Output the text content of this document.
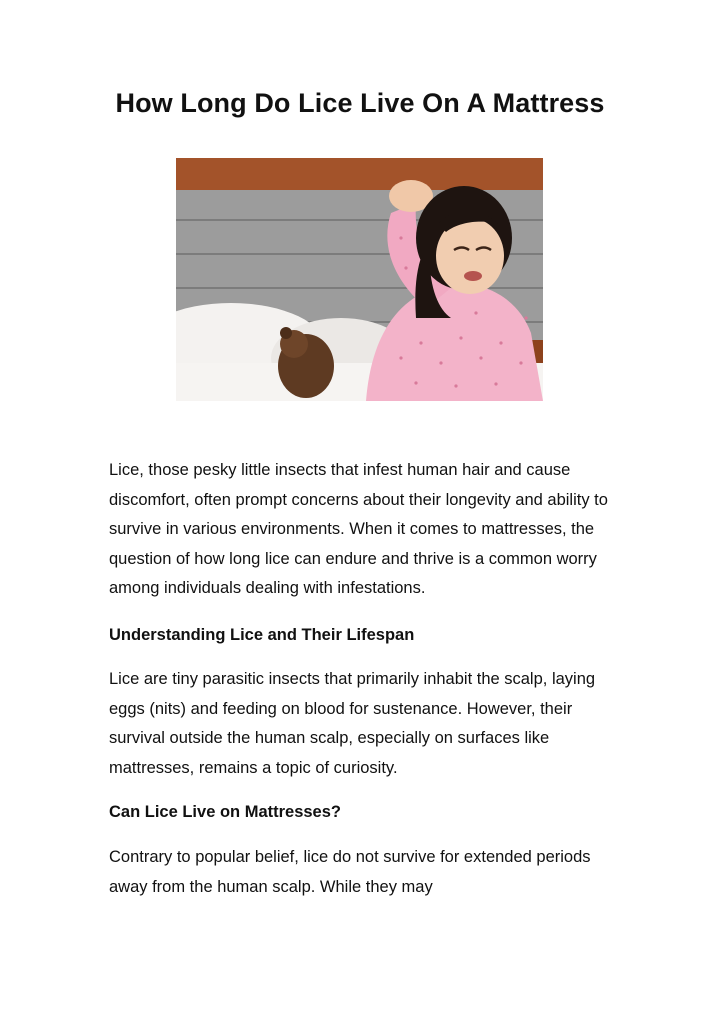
How Long Do Lice Live On A Mattress

Lice, those pesky little insects that infest human hair and cause discomfort, often prompt concerns about their longevity and ability to survive in various environments. When it comes to mattresses, the question of how long lice can endure and thrive is a common worry among individuals dealing with infestations.

Understanding Lice and Their Lifespan

Lice are tiny parasitic insects that primarily inhabit the scalp, laying eggs (nits) and feeding on blood for sustenance. However, their survival outside the human scalp, especially on surfaces like mattresses, remains a topic of curiosity.

Can Lice Live on Mattresses?

Contrary to popular belief, lice do not survive for extended periods away from the human scalp. While they may
